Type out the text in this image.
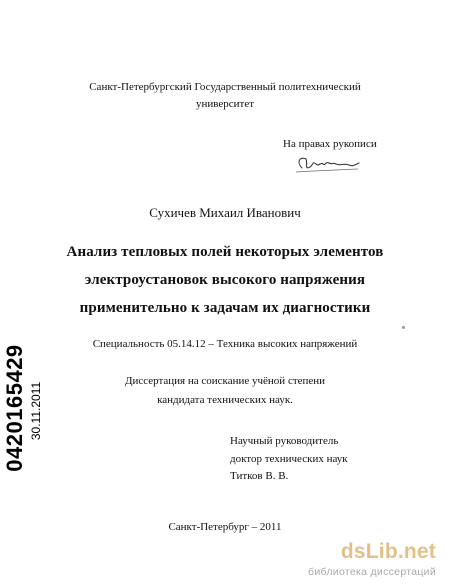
Санкт-Петербургский Государственный политехнический
университет
На правах рукописи
Сухичев Михаил Иванович
Анализ тепловых полей некоторых элементов
электроустановок высокого напряжения
применительно к задачам их диагностики
Специальность 05.14.12 – Техника высоких напряжений
Диссертация на соискание учёной степени
кандидата технических наук.
Научный руководитель
доктор технических наук
Титков В. В.
Санкт-Петербург – 2011
0420165429 30.11.2011
dsLib.net
библиотека диссертаций
